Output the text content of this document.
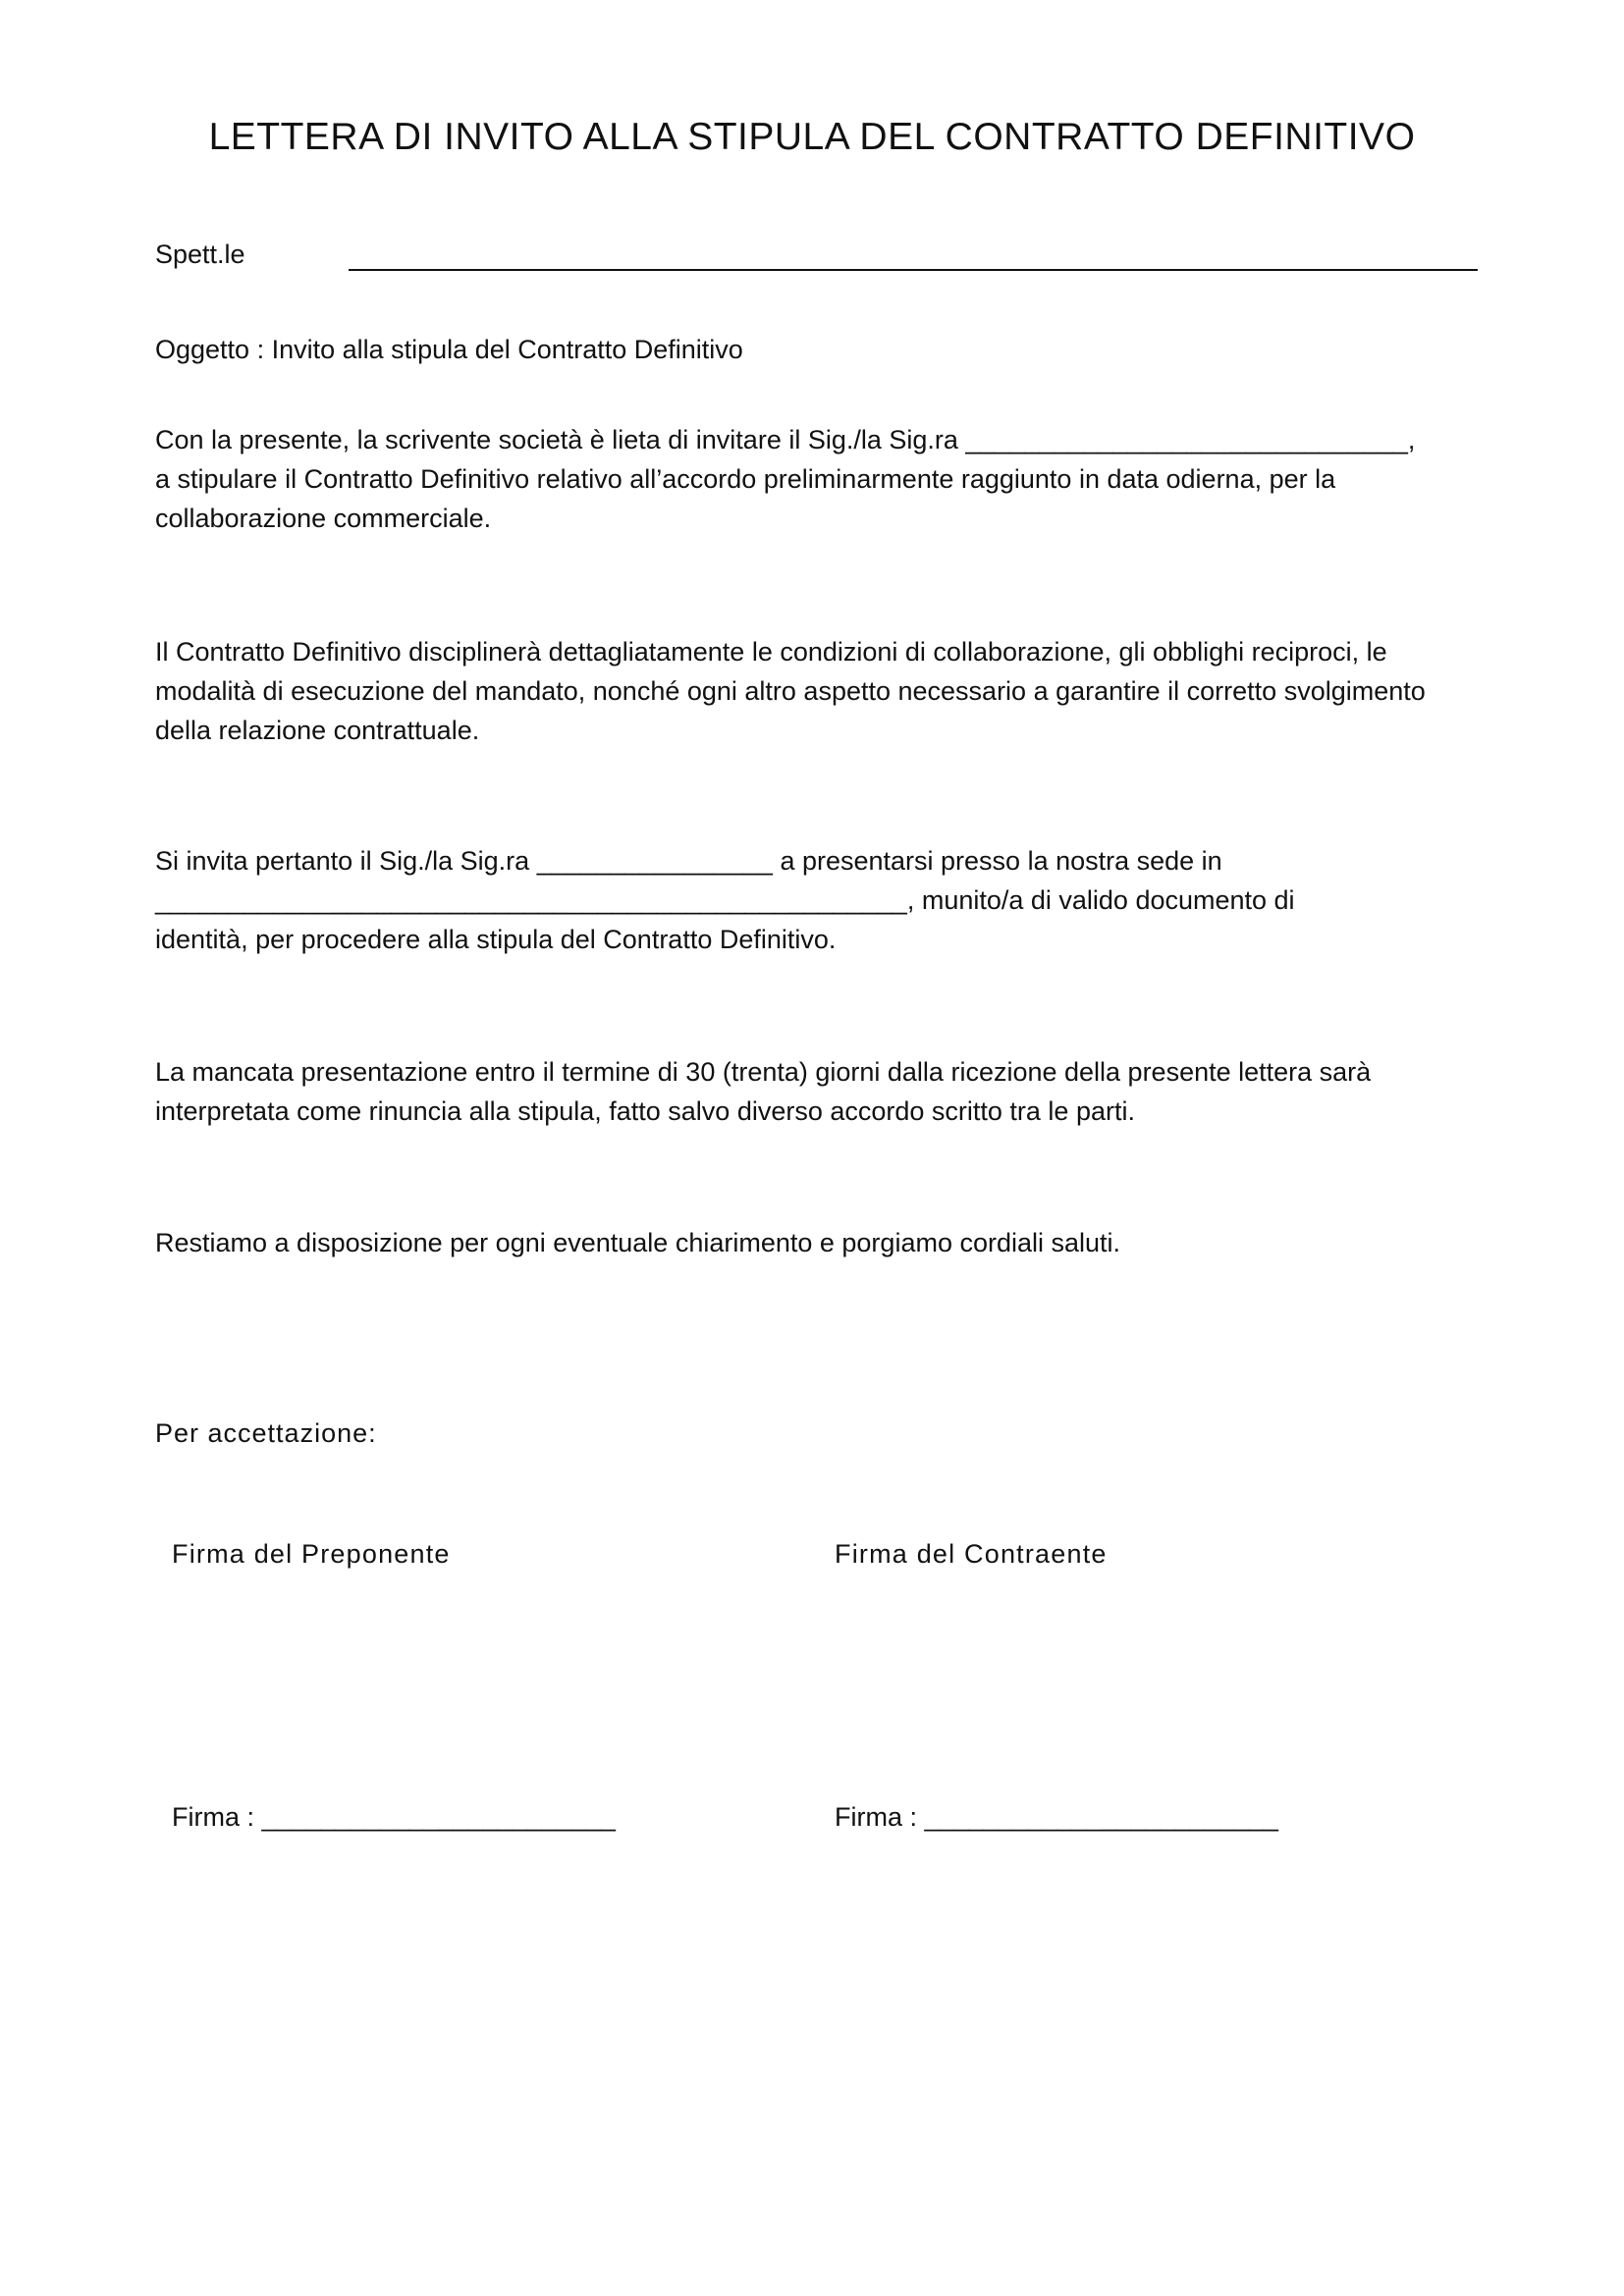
LETTERA DI INVITO ALLA STIPULA DEL CONTRATTO DEFINITIVO
Spett.le
Oggetto : Invito alla stipula del Contratto Definitivo
Con la presente, la scrivente società è lieta di invitare il Sig./la Sig.ra ______________________________,
a stipulare il Contratto Definitivo relativo all’accordo preliminarmente raggiunto in data odierna, per la
collaborazione commerciale.
Il Contratto Definitivo disciplinerà dettagliatamente le condizioni di collaborazione, gli obblighi reciproci, le
modalità di esecuzione del mandato, nonché ogni altro aspetto necessario a garantire il corretto svolgimento
della relazione contrattuale.
Si invita pertanto il Sig./la Sig.ra ________________ a presentarsi presso la nostra sede in
___________________________________________________, munito/a di valido documento di
identità, per procedere alla stipula del Contratto Definitivo.
La mancata presentazione entro il termine di 30 (trenta) giorni dalla ricezione della presente lettera sarà
interpretata come rinuncia alla stipula, fatto salvo diverso accordo scritto tra le parti.
Restiamo a disposizione per ogni eventuale chiarimento e porgiamo cordiali saluti.
Per accettazione:
Firma del Preponente	Firma del Contraente
Firma : ________________________	Firma : ________________________
